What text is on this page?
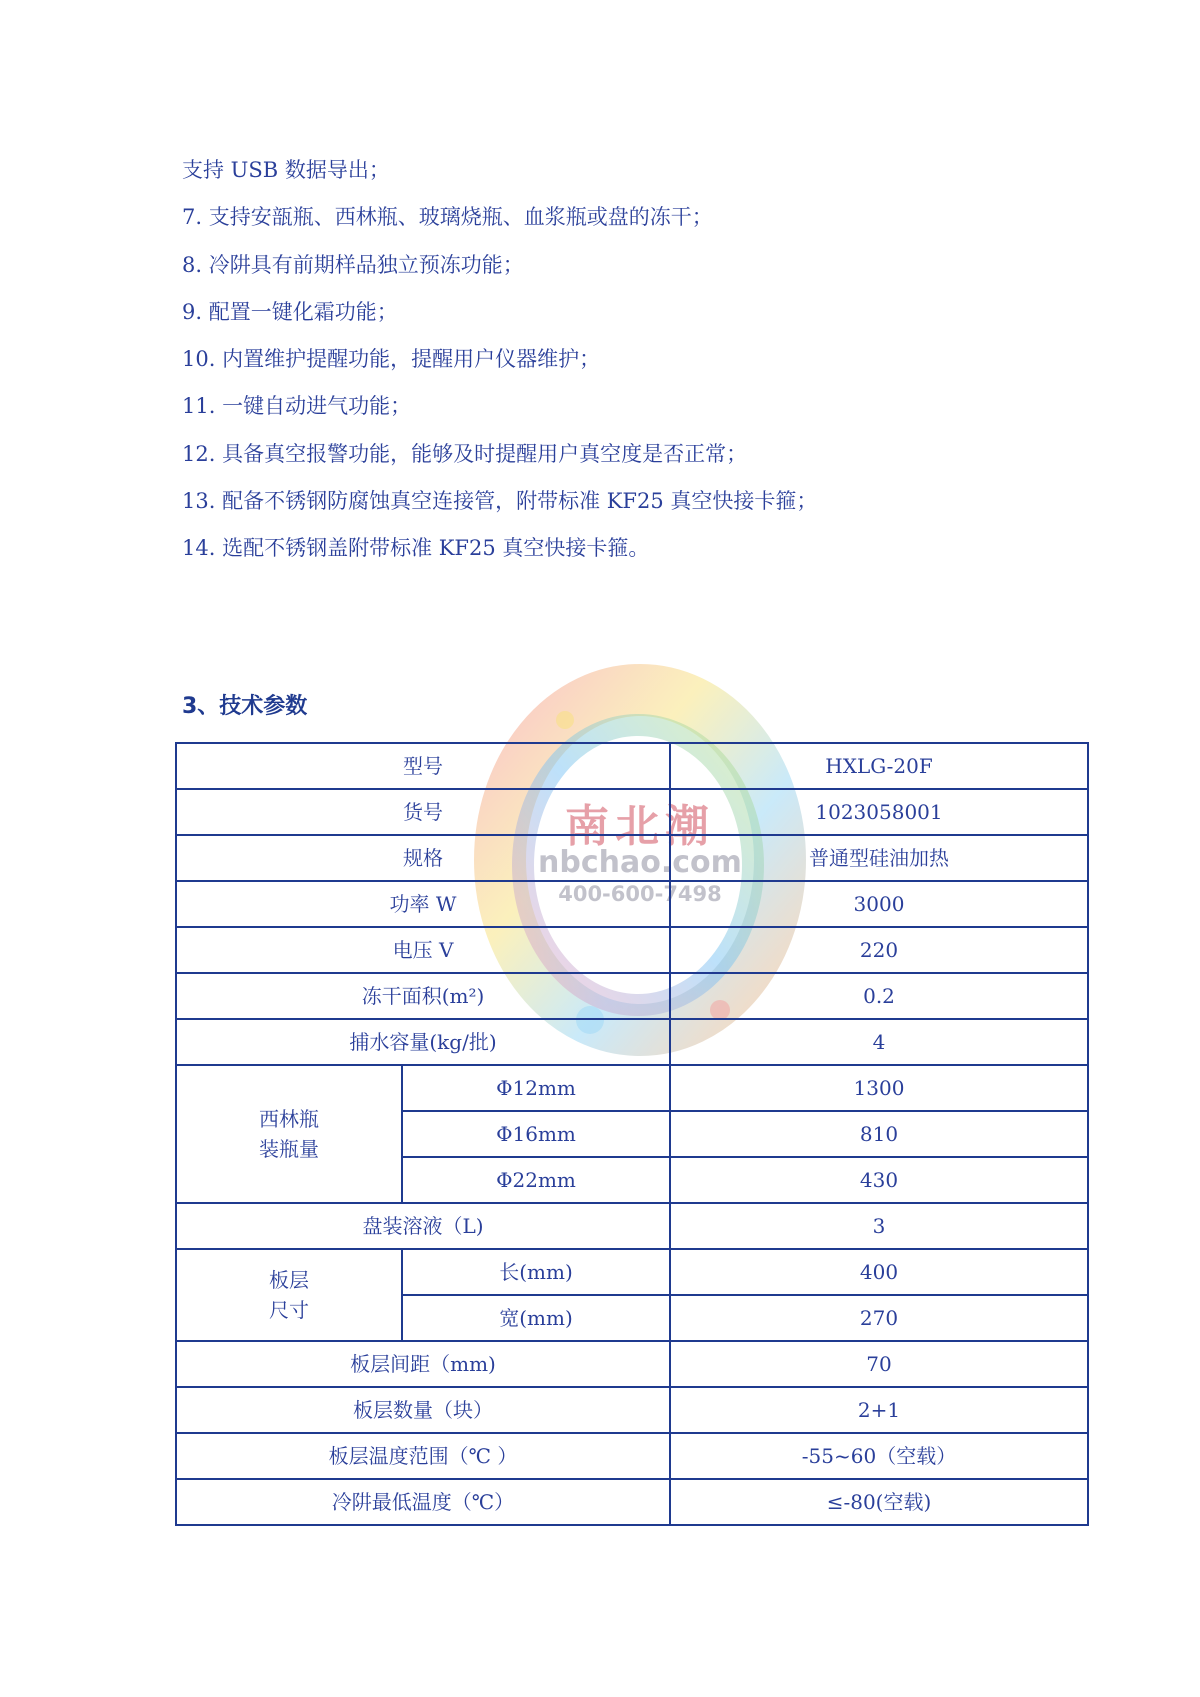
支持 USB 数据导出；
7. 支持安瓿瓶、西林瓶、玻璃烧瓶、血浆瓶或盘的冻干；
8. 冷阱具有前期样品独立预冻功能；
9. 配置一键化霜功能；
10. 内置维护提醒功能，提醒用户仪器维护；
11. 一键自动进气功能；
12. 具备真空报警功能，能够及时提醒用户真空度是否正常；
13. 配备不锈钢防腐蚀真空连接管，附带标准 KF25 真空快接卡箍；
14. 选配不锈钢盖附带标准 KF25 真空快接卡箍。
3、技术参数
南北潮
nbchao.com
400-600-7498
型号		HXLG-20F
货号		1023058001
规格		普通型硅油加热
功率 W		3000
电压 V		220
冻干面积(m²)		0.2
捕水容量(kg/批)		4

西林瓶
装瓶量	Φ12mm	1300
	Φ16mm	810
	Φ22mm	430
盘装溶液（L)		3

板层
尺寸	长(mm)	400
	宽(mm)	270
板层间距（mm)		70
板层数量（块）		2+1
板层温度范围（℃ ）		-55~60（空载）
冷阱最低温度（℃）		≤-80(空载)
